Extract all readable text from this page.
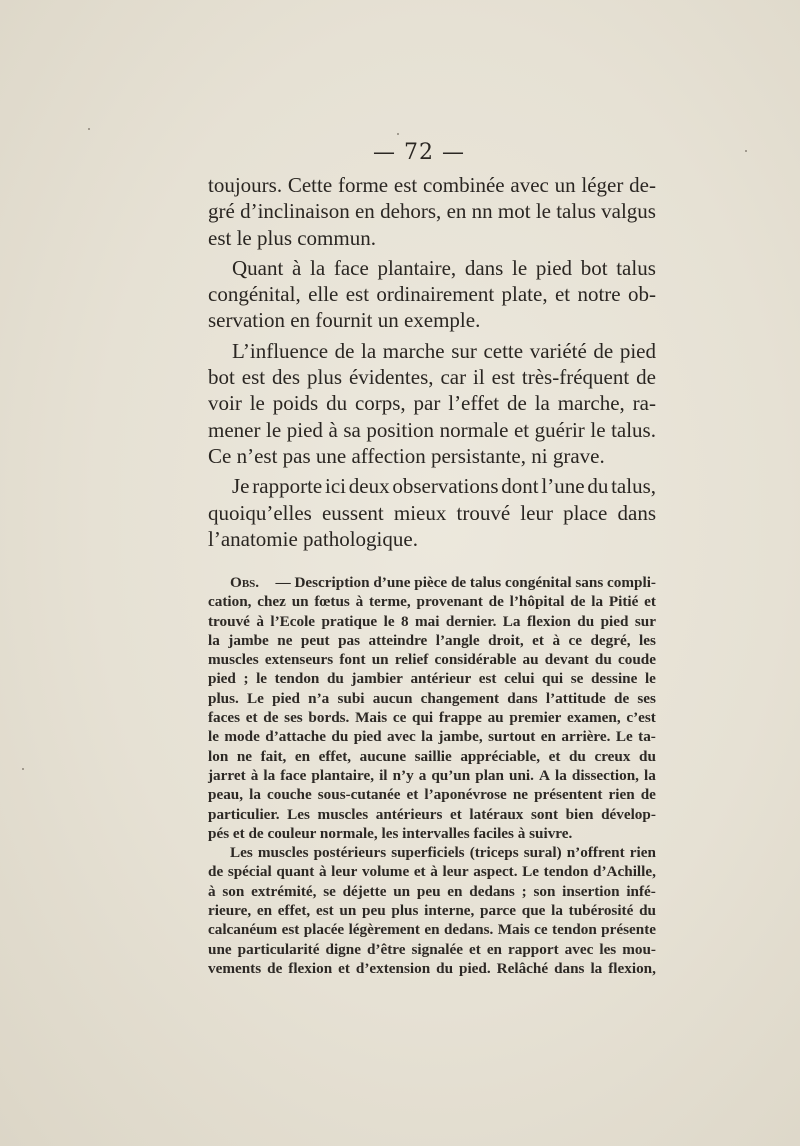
— 72 —
toujours. Cette forme est combinée avec un léger de-
gré d’inclinaison en dehors, en nn mot le talus valgus
est le plus commun.
Quant à la face plantaire, dans le pied bot talus
congénital, elle est ordinairement plate, et notre ob-
servation en fournit un exemple.
L’influence de la marche sur cette variété de pied
bot est des plus évidentes, car il est très-fréquent de
voir le poids du corps, par l’effet de la marche, ra-
mener le pied à sa position normale et guérir le talus.
Ce n’est pas une affection persistante, ni grave.
Je rapporte ici deux observations dont l’une du talus,
quoiqu’elles eussent mieux trouvé leur place dans
l’anatomie pathologique.
Obs. — Description d’une pièce de talus congénital sans compli-
cation, chez un fœtus à terme, provenant de l’hôpital de la Pitié et
trouvé à l’Ecole pratique le 8 mai dernier. La flexion du pied sur
la jambe ne peut pas atteindre l’angle droit, et à ce degré, les
muscles extenseurs font un relief considérable au devant du coude
pied ; le tendon du jambier antérieur est celui qui se dessine le
plus. Le pied n’a subi aucun changement dans l’attitude de ses
faces et de ses bords. Mais ce qui frappe au premier examen, c’est
le mode d’attache du pied avec la jambe, surtout en arrière. Le ta-
lon ne fait, en effet, aucune saillie appréciable, et du creux du
jarret à la face plantaire, il n’y a qu’un plan uni. A la dissection, la
peau, la couche sous-cutanée et l’aponévrose ne présentent rien de
particulier. Les muscles antérieurs et latéraux sont bien dévelop-
pés et de couleur normale, les intervalles faciles à suivre.
Les muscles postérieurs superficiels (triceps sural) n’offrent rien
de spécial quant à leur volume et à leur aspect. Le tendon d’Achille,
à son extrémité, se déjette un peu en dedans ; son insertion infé-
rieure, en effet, est un peu plus interne, parce que la tubérosité du
calcanéum est placée légèrement en dedans. Mais ce tendon présente
une particularité digne d’être signalée et en rapport avec les mou-
vements de flexion et d’extension du pied. Relâché dans la flexion,
